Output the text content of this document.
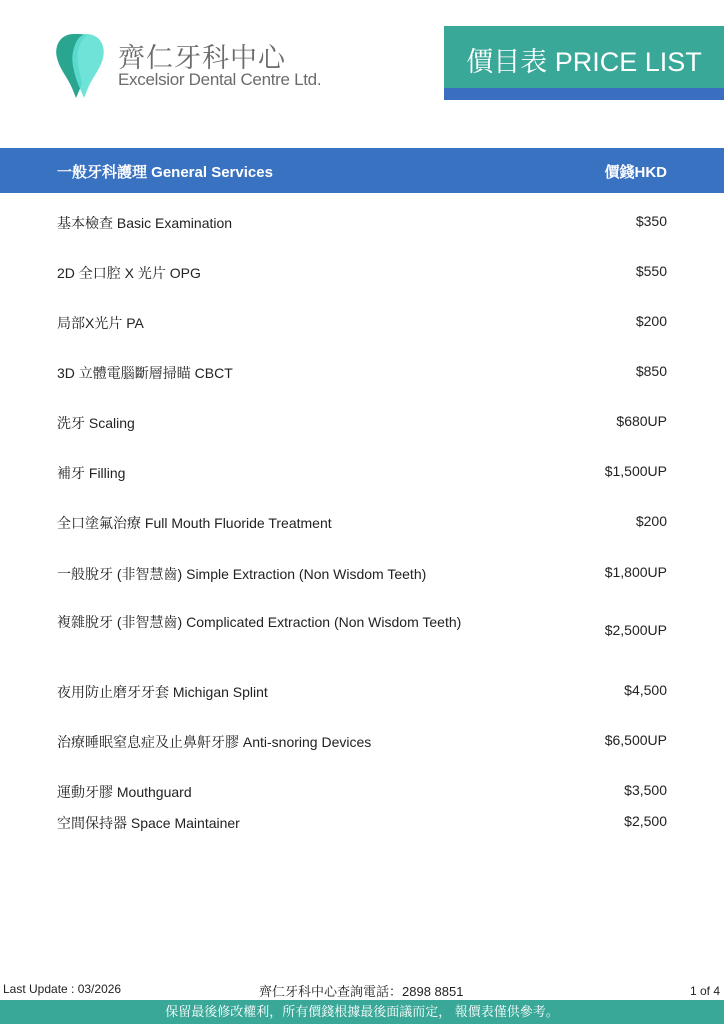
齊仁牙科中心
Excelsior Dental Centre Ltd.
價目表 PRICE LIST
一般牙科護理 General Services	價錢HKD
基本檢查 Basic Examination	$350
2D 全口腔 X 光片 OPG	$550
局部X光片 PA	$200
3D 立體電腦斷層掃瞄 CBCT	$850
洗牙 Scaling	$680UP
補牙 Filling	$1,500UP
全口塗氟治療 Full Mouth Fluoride Treatment	$200
一般脫牙 (非智慧齒) Simple Extraction (Non Wisdom Teeth)	$1,800UP
複雜脫牙 (非智慧齒) Complicated Extraction (Non Wisdom Teeth)	$2,500UP
夜用防止磨牙牙套 Michigan Splint	$4,500
治療睡眠窒息症及止鼻鼾牙膠 Anti-snoring Devices	$6,500UP
運動牙膠 Mouthguard	$3,500
空間保持器 Space Maintainer	$2,500
Last Update : 03/2026	齊仁牙科中心查詢電話：2898 8851	1 of 4
保留最後修改權利，所有價錢根據最後面議而定， 報價表僅供參考。
